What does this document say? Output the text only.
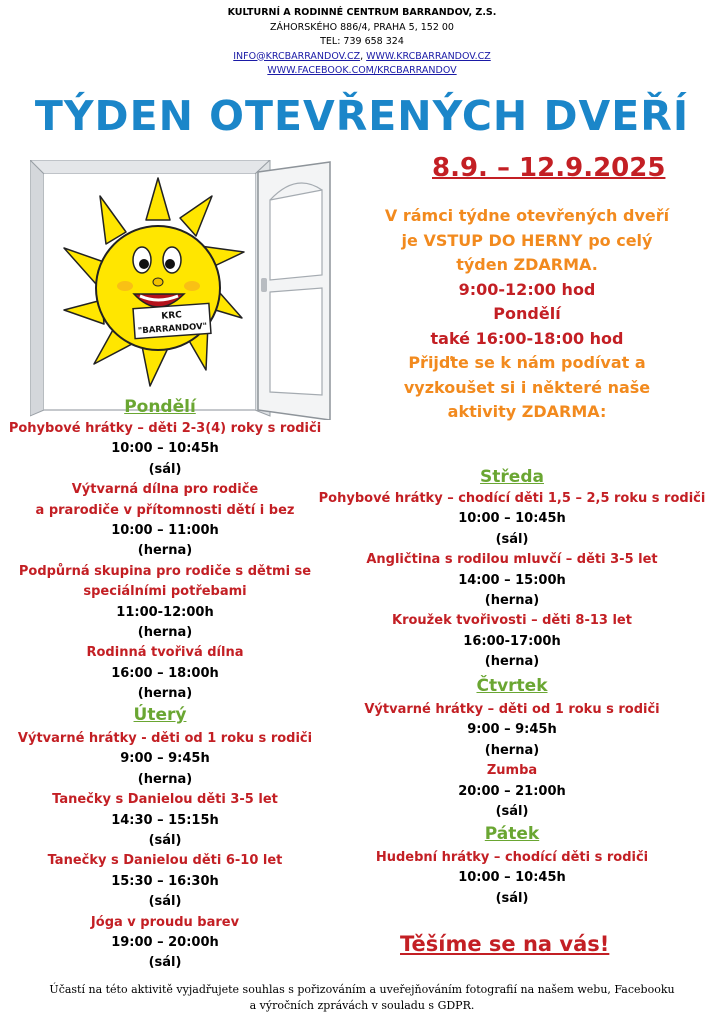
KULTURNÍ A RODINNÉ CENTRUM BARRANDOV, Z.S.
ZÁHORSKÉHO 886/4, PRAHA 5, 152 00
TEL: 739 658 324
INFO@KRCBARRANDOV.CZ, WWW.KRCBARRANDOV.CZ
WWW.FACEBOOK.COM/KRCBARRANDOV
TÝDEN OTEVŘENÝCH DVEŘÍ
KRC
"BARRANDOV"
8.9. – 12.9.2025
V rámci týdne otevřených dveří
je VSTUP DO HERNY po celý
týden ZDARMA.
9:00-12:00 hod
Pondělí
také 16:00-18:00 hod
Přijďte se k nám podívat a
vyzkoušet si i některé naše
aktivity ZDARMA:
Pondělí
Pohybové hrátky – děti 2-3(4) roky s rodiči
10:00 – 10:45h
(sál)
Výtvarná dílna pro rodiče
a prarodiče v přítomnosti dětí i bez
10:00 – 11:00h
(herna)
Podpůrná skupina pro rodiče s dětmi se
speciálními potřebami
11:00-12:00h
(herna)
Rodinná tvořivá dílna
16:00 – 18:00h
(herna)
Úterý
Výtvarné hrátky - děti od 1 roku s rodiči
9:00 – 9:45h
(herna)
Tanečky s Danielou děti 3-5 let
14:30 – 15:15h
(sál)
Tanečky s Danielou děti 6-10 let
15:30 – 16:30h
(sál)
Jóga v proudu barev
19:00 – 20:00h
(sál)
Středa
Pohybové hrátky – chodící děti 1,5 – 2,5 roku s rodiči
10:00 – 10:45h
(sál)
Angličtina s rodilou mluvčí – děti 3-5 let
14:00 – 15:00h
(herna)
Kroužek tvořivosti – děti 8-13 let
16:00-17:00h
(herna)
Čtvrtek
Výtvarné hrátky – děti od 1 roku s rodiči
9:00 – 9:45h
(herna)
Zumba
20:00 – 21:00h
(sál)
Pátek
Hudební hrátky – chodící děti s rodiči
10:00 – 10:45h
(sál)
Těšíme se na vás!
Účastí na této aktivitě vyjadřujete souhlas s pořizováním a uveřejňováním fotografií na našem webu, Facebooku
a výročních zprávách v souladu s GDPR.
